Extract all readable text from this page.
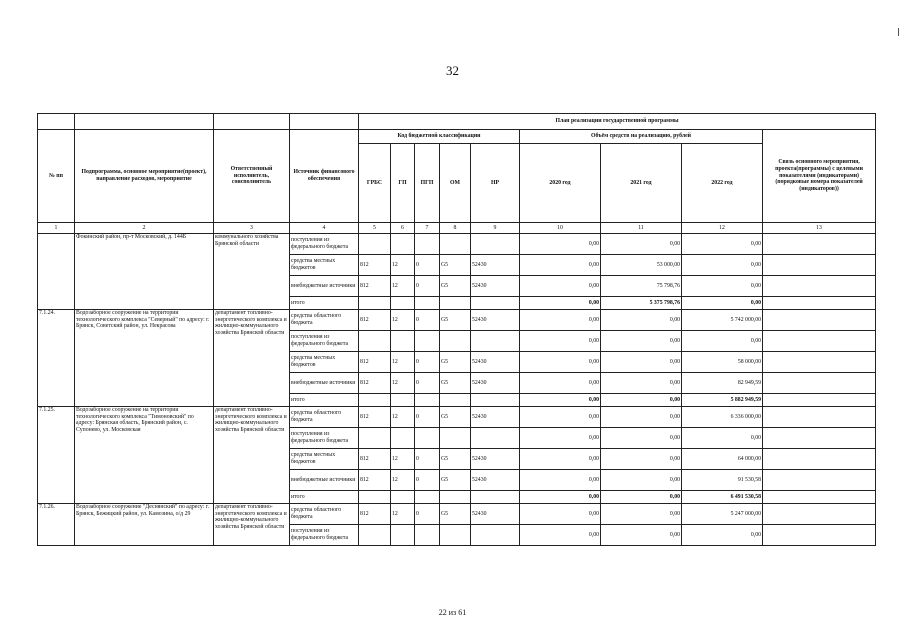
32
				План реализации государственной программы								
№ пп	Подпрограмма, основное мероприятие(проект), направление расходов, мероприятие	Ответственный исполнитель, соисполнитель	Источник финансового обеспечения	Код бюджетной классификации					Объём средств на реализацию, рублей			Связь основного мероприятия, проекта(программы) с целевыми показателями (индикаторами) (порядковые номера показателей (индикаторов))
				ГРБС	ГП	ПГП	ОМ	НР	2020 год	2021 год	2022 год	
1	2	3	4	5	6	7	8	9	10	11	12	13
	Фокинский район, пр-т Московский, д. 144Б	коммунального хозяйства Брянской области	поступления из федерального бюджета						0,00	0,00	0,00	
			средства местных бюджетов	812	12	0	G5	52430	0,00	53 000,00	0,00	
			внебюджетные источники	812	12	0	G5	52430	0,00	75 798,76	0,00	
			итого						0,00	5 375 798,76	0,00	
7.1.24.	Водозаборное сооружение на территории технологического комплекса "Северный" по адресу: г. Брянск, Советский район, ул. Некрасова	департамент топливно-энергетического комплекса и жилищно-коммунального хозяйства Брянской области	средства областного бюджета	812	12	0	G5	52430	0,00	0,00	5 742 000,00	
			поступления из федерального бюджета						0,00	0,00	0,00	
			средства местных бюджетов	812	12	0	G5	52430	0,00	0,00	58 000,00	
			внебюджетные источники	812	12	0	G5	52430	0,00	0,00	82 949,59	
			итого						0,00	0,00	5 882 949,59	
7.1.25.	Водозаборное сооружение на территории технологического комплекса "Тимоновский" по адресу: Брянская область, Брянский район, с. Супонево, ул. Московская	департамент топливно-энергетического комплекса и жилищно-коммунального хозяйства Брянской области	средства областного бюджета	812	12	0	G5	52430	0,00	0,00	6 336 000,00	
			поступления из федерального бюджета						0,00	0,00	0,00	
			средства местных бюджетов	812	12	0	G5	52430	0,00	0,00	64 000,00	
			внебюджетные источники	812	12	0	G5	52430	0,00	0,00	91 530,58	
			итого						0,00	0,00	6 491 530,58	
7.1.26.	Водозаборное сооружение "Деснянский" по адресу: г. Брянск, Бежицкий район, ул. Камозина, о/д 29	департамент топливно-энергетического комплекса и жилищно-коммунального хозяйства Брянской области	средства областного бюджета	812	12	0	G5	52430	0,00	0,00	5 247 000,00	
			поступления из федерального бюджета						0,00	0,00	0,00	
22 из 61
